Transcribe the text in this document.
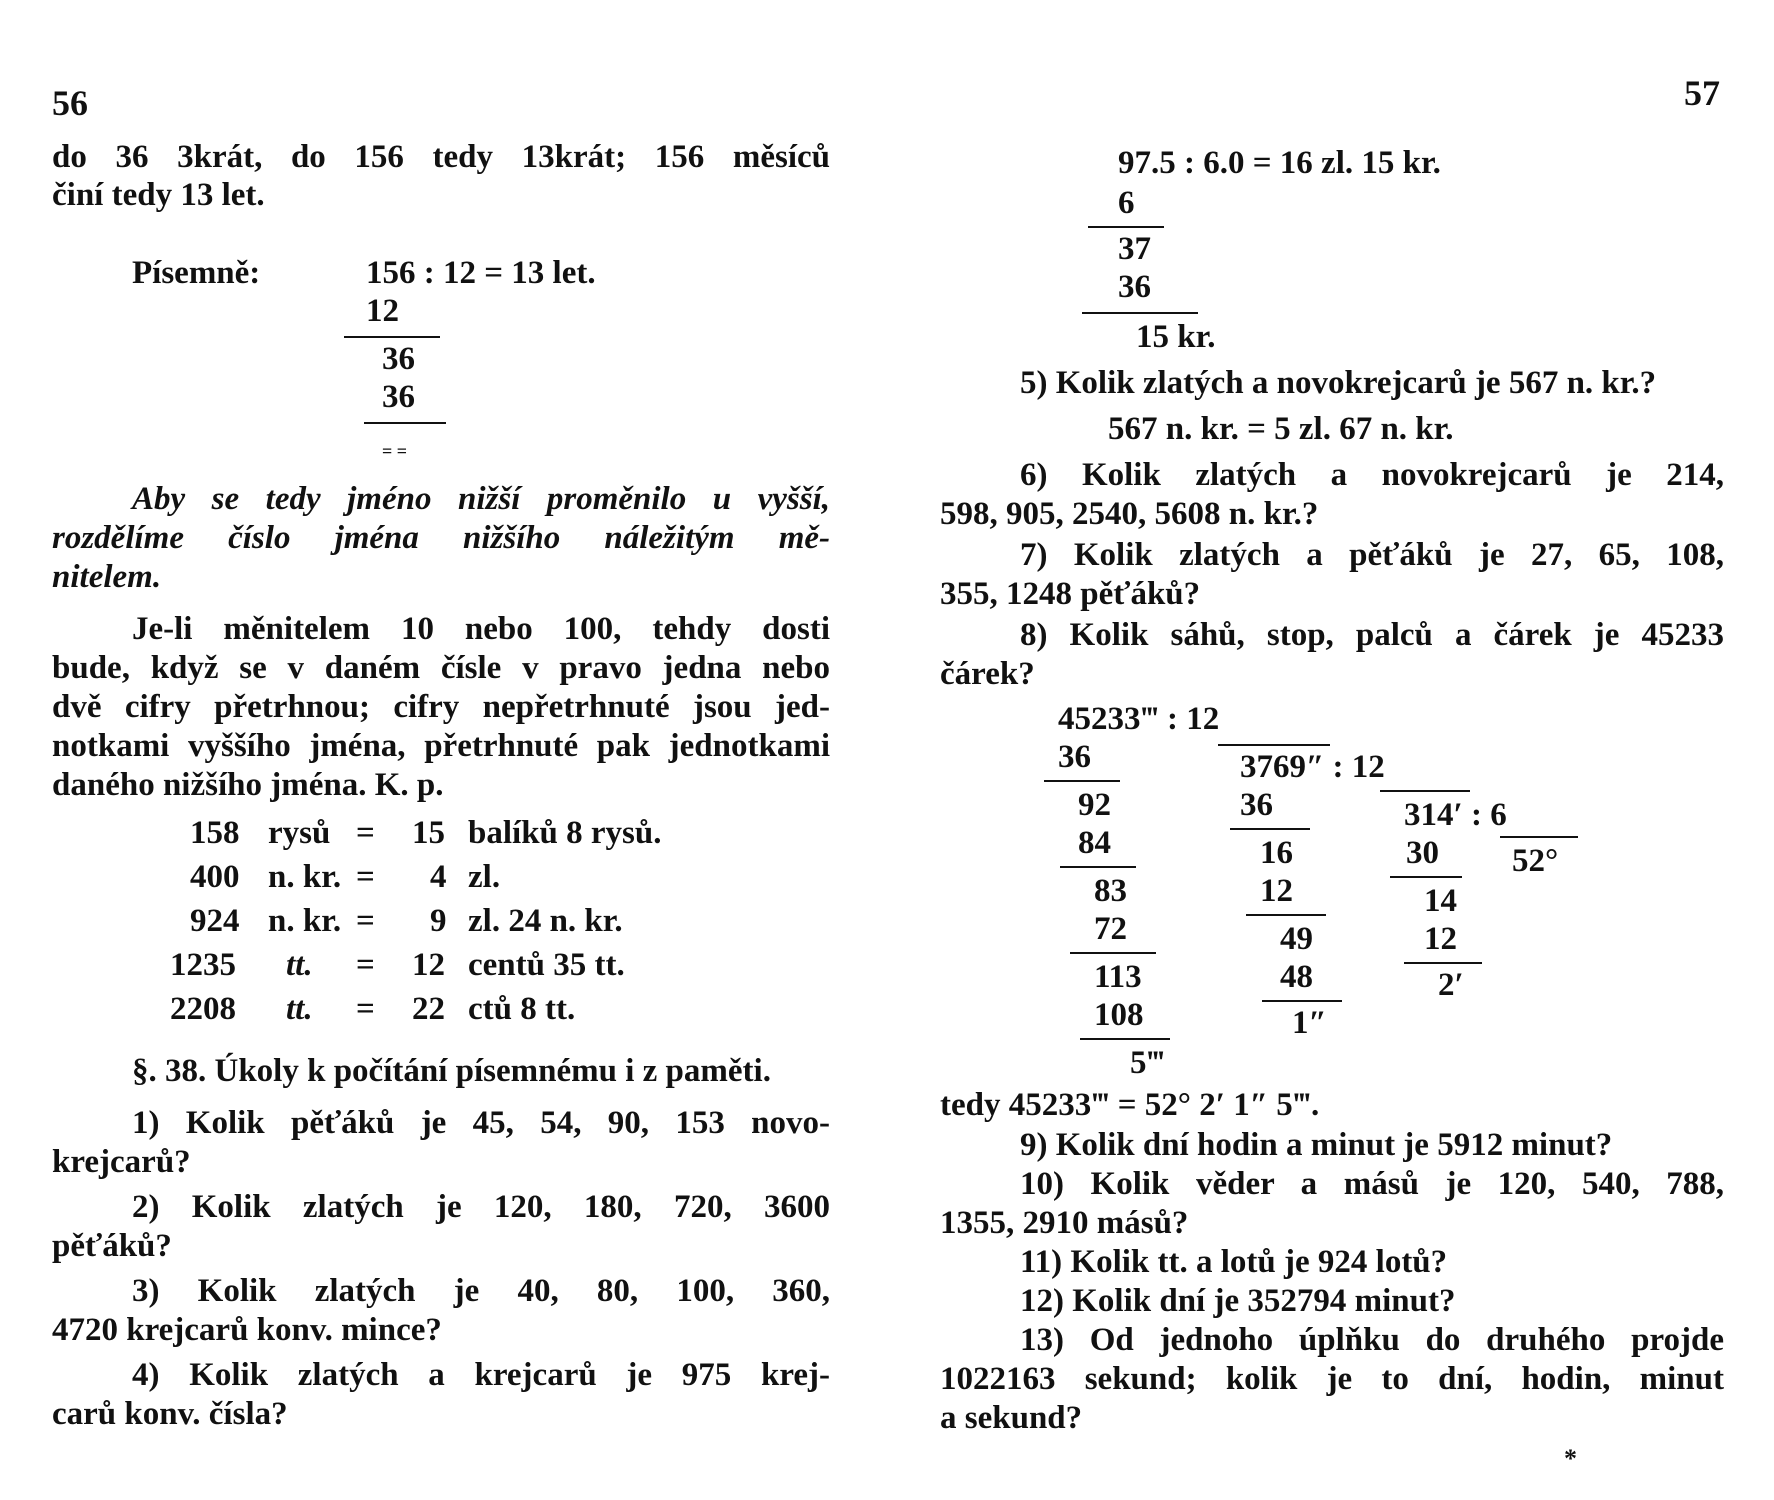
56
do 36 3krát, do 156 tedy 13krát; 156 měsíců
činí tedy 13 let.
Písemně:	156 : 12 = 13 let.
12
36
36
= =
Aby se tedy jméno nižší proměnilo u vyšší,
rozdělíme číslo jména nižšího náležitým mě-
nitelem.
Je-li měnitelem 10 nebo 100, tehdy dosti
bude, když se v daném čísle v pravo jedna nebo
dvě cifry přetrhnou; cifry nepřetrhnuté jsou jed-
notkami vyššího jména, přetrhnuté pak jednotkami
daného nižšího jména. K. p.
158 rysů = 15 balíků 8 rysů.
400 n. kr. = 4 zl.
924 n. kr. = 9 zl. 24 n. kr.
1235 tt. = 12 centů 35 tt.
2208 tt. = 22 ctů 8 tt.
§. 38. Úkoly k počítání písemnému i z paměti.
1) Kolik pěťáků je 45, 54, 90, 153 novo-
krejcarů?
2) Kolik zlatých je 120, 180, 720, 3600
pěťáků?
3) Kolik zlatých je 40, 80, 100, 360,
4720 krejcarů konv. mince?
4) Kolik zlatých a krejcarů je 975 krej-
carů konv. čísla?
57
97.5 : 6.0 = 16 zl. 15 kr.
6
37
36
15 kr.
5) Kolik zlatých a novokrejcarů je 567 n. kr.?
567 n. kr. = 5 zl. 67 n. kr.
6) Kolik zlatých a novokrejcarů je 214,
598, 905, 2540, 5608 n. kr.?
7) Kolik zlatých a pěťáků je 27, 65, 108,
355, 1248 pěťáků?
8) Kolik sáhů, stop, palců a čárek je 45233
čárek?
45233‴ : 12
36
92
84
83
72
113
108
5‴
3769″ : 12
36
16
12
49
48
1″
314′ : 6
30
14
12
2′
52°
tedy 45233‴ = 52° 2′ 1″ 5‴.
9) Kolik dní hodin a minut je 5912 minut?
10) Kolik věder a másů je 120, 540, 788,
1355, 2910 másů?
11) Kolik tt. a lotů je 924 lotů?
12) Kolik dní je 352794 minut?
13) Od jednoho úplňku do druhého projde
1022163 sekund; kolik je to dní, hodin, minut
a sekund?
*
